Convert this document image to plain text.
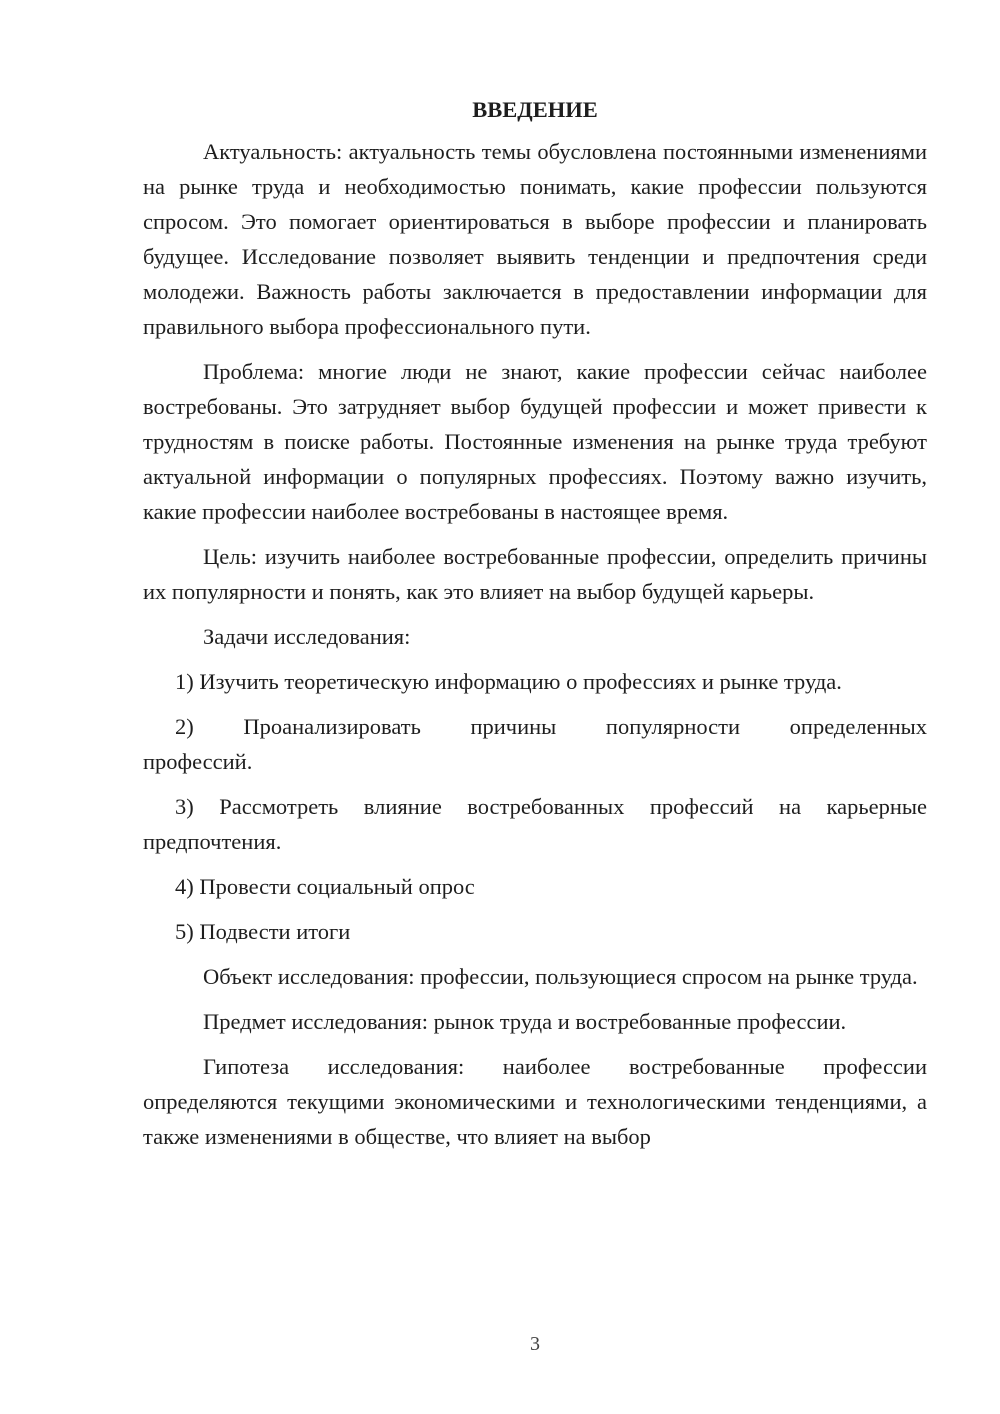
ВВЕДЕНИЕ

Актуальность: актуальность темы обусловлена постоянными изменениями на рынке труда и необходимостью понимать, какие профессии пользуются спросом. Это помогает ориентироваться в выборе профессии и планировать будущее. Исследование позволяет выявить тенденции и предпочтения среди молодежи. Важность работы заключается в предоставлении информации для правильного выбора профессионального пути.

Проблема: многие люди не знают, какие профессии сейчас наиболее востребованы. Это затрудняет выбор будущей профессии и может привести к трудностям в поиске работы. Постоянные изменения на рынке труда требуют актуальной информации о популярных профессиях. Поэтому важно изучить, какие профессии наиболее востребованы в настоящее время.

Цель: изучить наиболее востребованные профессии, определить причины их популярности и понять, как это влияет на выбор будущей карьеры.

Задачи исследования:

1) Изучить теоретическую информацию о профессиях и рынке труда.

2) Проанализировать причины популярности определенных профессий.

3) Рассмотреть влияние востребованных профессий на карьерные предпочтения.

4) Провести социальный опрос

5) Подвести итоги

Объект исследования: профессии, пользующиеся спросом на рынке труда.

Предмет исследования: рынок труда и востребованные профессии.

Гипотеза исследования: наиболее востребованные профессии определяются текущими экономическими и технологическими тенденциями, а также изменениями в обществе, что влияет на выбор

3
